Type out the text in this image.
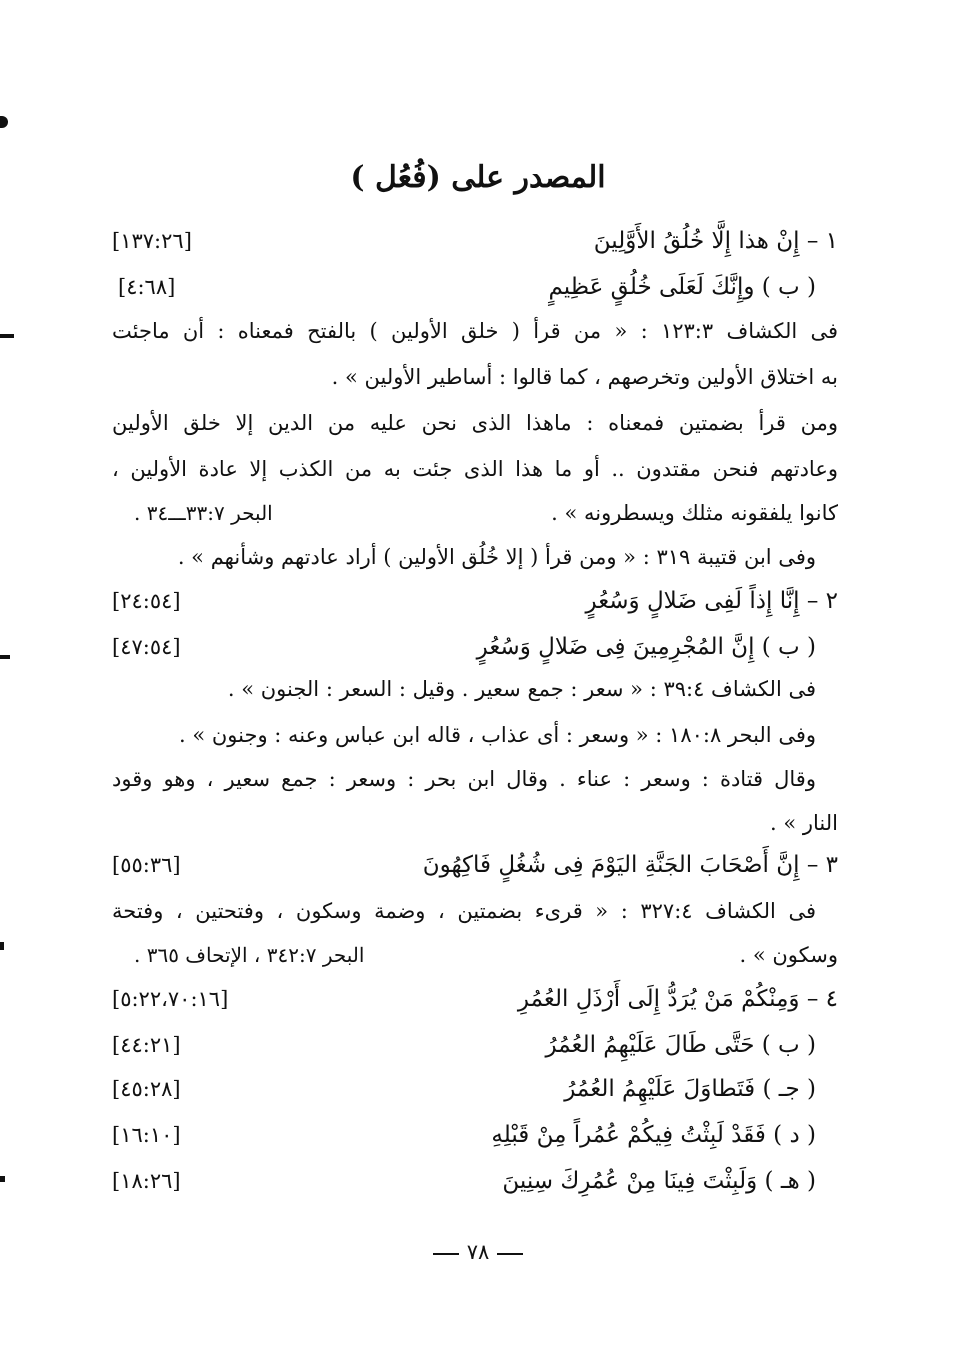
المصدر على (فُعُل )
١ – إِنْ هذا إِلَّا خُلُقُ الأَوَّلِينَ
[١٣٧:٢٦]
( ب ) وإِنَّكَ لَعَلَى خُلُقٍ عَظِيمٍ
[٤:٦٨]
فى الكشاف ١٢٣:٣ : « من قرأ ( خلق الأولين ) بالفتح فمعناه : أن ماجئت
به اختلاق الأولين وتخرصهم ، كما قالوا : أساطير الأولين » .
ومن قرأ بضمتين فمعناه : ماهذا الذى نحن عليه من الدين إلا خلق الأولين
وعادتهم فنحن مقتدون .. أو ما هذا الذى جئت به من الكذب إلا عادة الأولين ،
كانوا يلفقونه مثلك ويسطرونه » .
البحر ٣٣:٧ـــ٣٤ .
وفى ابن قتيبة ٣١٩ : « ومن قرأ ( إلا خُلُق الأولين ) أراد عادتهم وشأنهم » .
٢ – إِنَّا إِذاً لَفِى ضَلالٍ وَسُعُرٍ
[٢٤:٥٤]
( ب ) إِنَّ المُجْرِمِينَ فِى ضَلالٍ وَسُعُرٍ
[٤٧:٥٤]
فى الكشاف ٣٩:٤ : « سعر : جمع سعير . وقيل : السعر : الجنون » .
وفى البحر ١٨٠:٨ : « وسعر : أى عذاب ، قاله ابن عباس وعنه : وجنون » .
وقال قتادة : وسعر : عناء . وقال ابن بحر : وسعر : جمع سعير ، وهو وقود
النار » .
٣ – إِنَّ أَصْحَابَ الجَنَّةِ اليَوْمَ فِى شُغُلٍ فَاكِهُونَ
[٥٥:٣٦]
فى الكشاف ٣٢٧:٤ : « قرىء بضمتين ، وضمة وسكون ، وفتحتين ، وفتحة
وسكون » .
البحر ٣٤٢:٧ ، الإتحاف ٣٦٥ .
٤ – وَمِنْكُمْ مَنْ يُرَدُّ إِلَى أَرْذَلِ العُمُرِ
[٥:٢٢،٧٠:١٦]
( ب ) حَتَّى طَالَ عَلَيْهِمُ العُمُرُ
[٤٤:٢١]
( جـ ) فَتَطاوَلَ عَلَيْهِمُ العُمُرُ
[٤٥:٢٨]
( د ) فَقَدْ لَبِثْتُ فِيكُمْ عُمُراً مِنْ قَبْلِهِ
[١٦:١٠]
( هـ ) وَلَبِثْتَ فِينَا مِنْ عُمُرِكَ سِنِينَ
[١٨:٢٦]
٧٨
